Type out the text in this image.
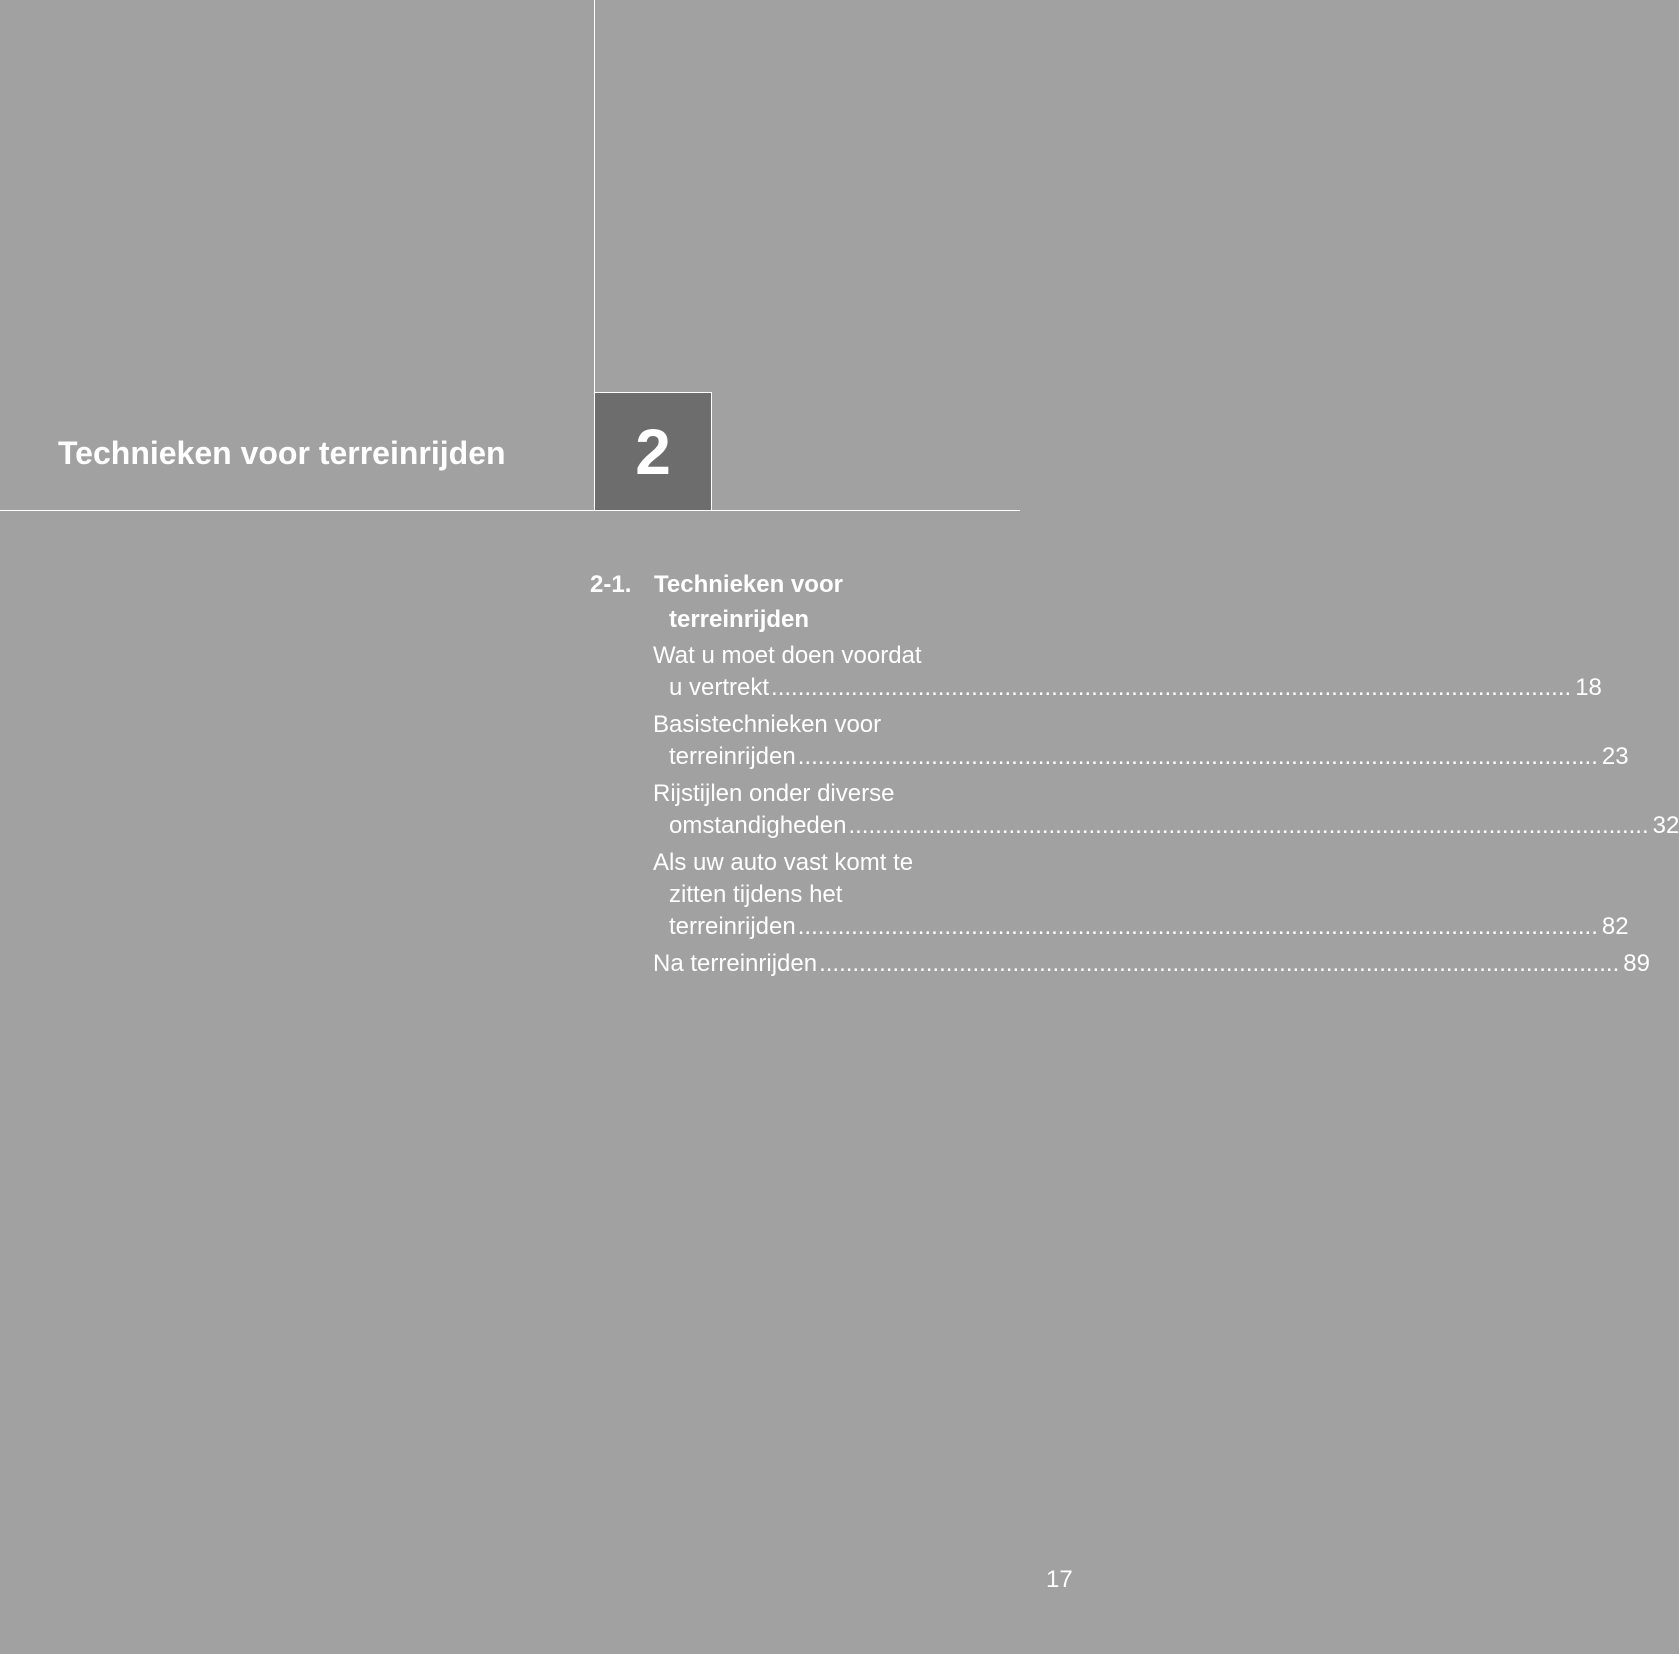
Technieken voor terreinrijden 2
2-1. Technieken voor
terreinrijden
Wat u moet doen voordat
u vertrekt ........................................................................................................................ 18
Basistechnieken voor
terreinrijden ........................................................................................................................ 23
Rijstijlen onder diverse
omstandigheden ........................................................................................................................ 32
Als uw auto vast komt te
zitten tijdens het
terreinrijden ........................................................................................................................ 82
Na terreinrijden ........................................................................................................................ 89
17
